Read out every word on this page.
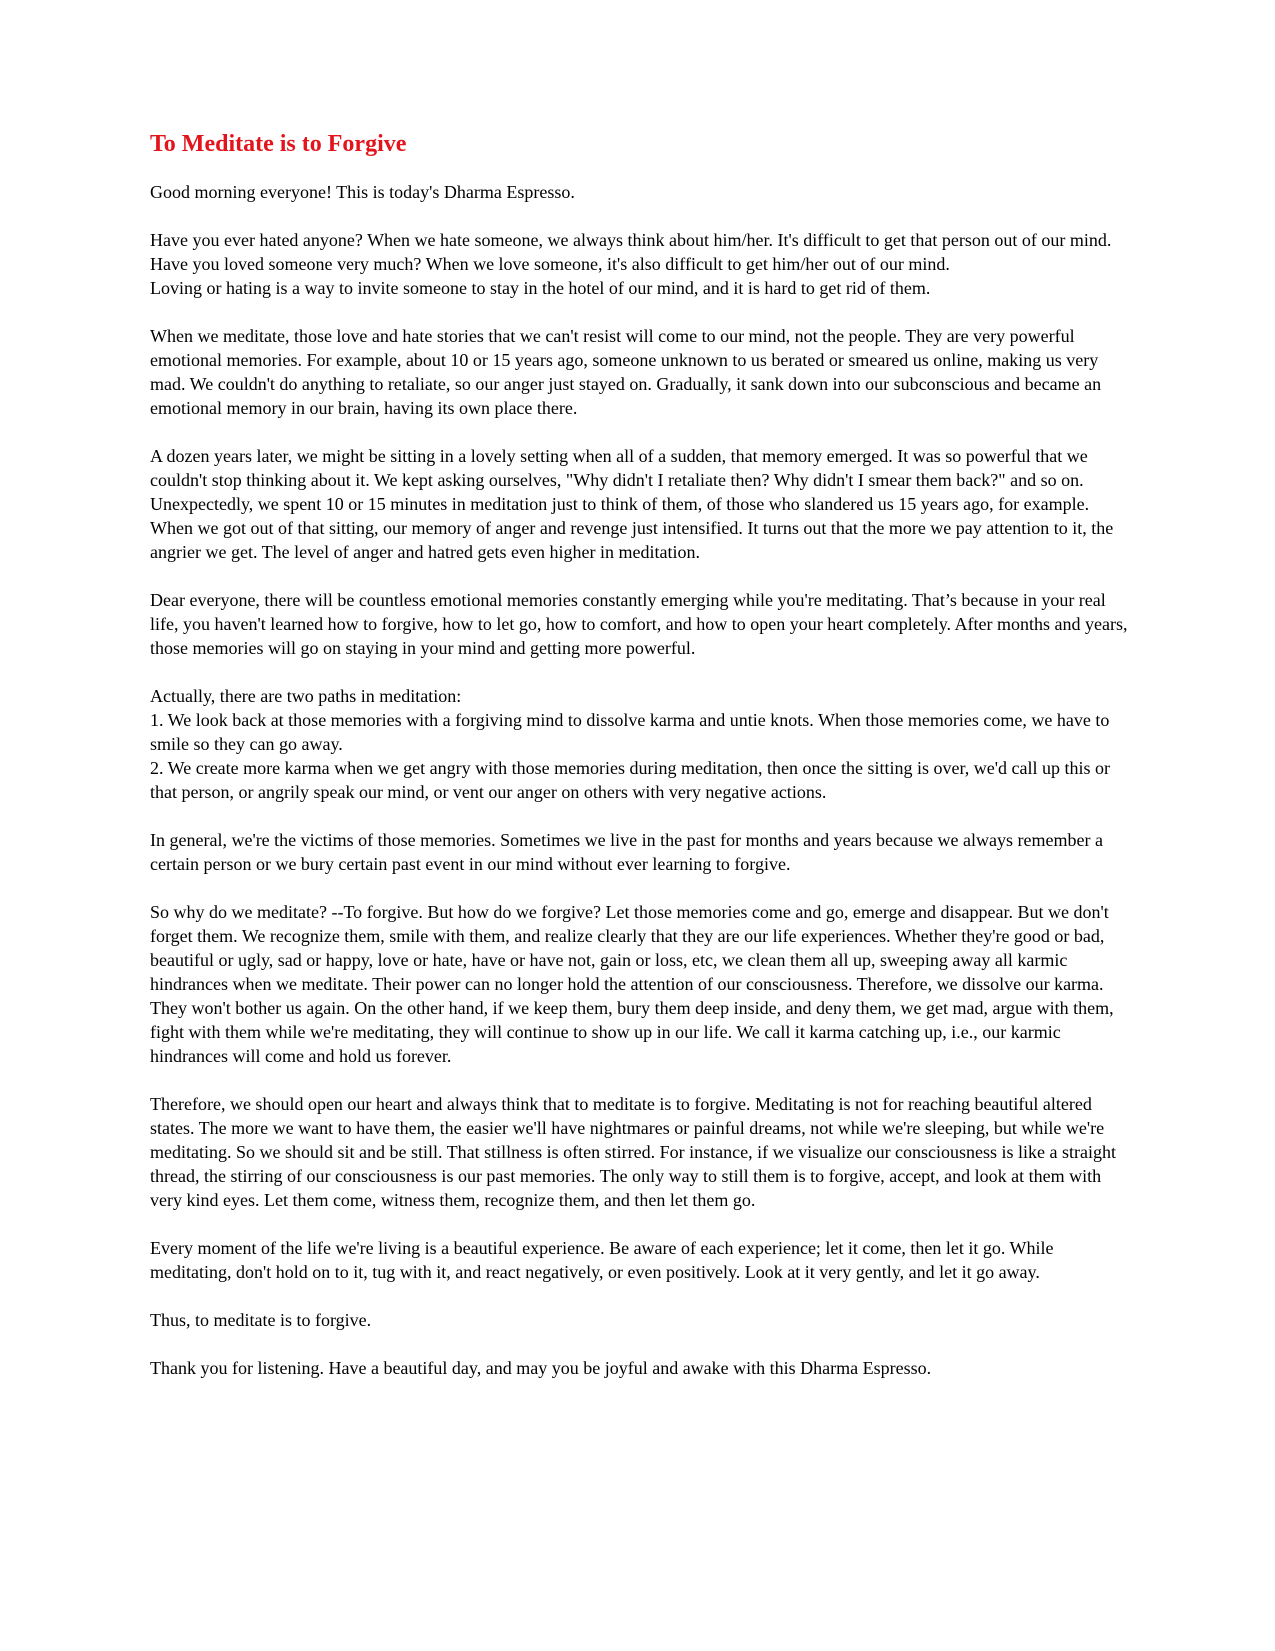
To Meditate is to Forgive

Good morning everyone! This is today's Dharma Espresso.

Have you ever hated anyone? When we hate someone, we always think about him/her. It's difficult to get that person out of our mind. Have you loved someone very much? When we love someone, it's also difficult to get him/her out of our mind.
Loving or hating is a way to invite someone to stay in the hotel of our mind, and it is hard to get rid of them.

When we meditate, those love and hate stories that we can't resist will come to our mind, not the people. They are very powerful emotional memories. For example, about 10 or 15 years ago, someone unknown to us berated or smeared us online, making us very mad. We couldn't do anything to retaliate, so our anger just stayed on. Gradually, it sank down into our subconscious and became an emotional memory in our brain, having its own place there.

A dozen years later, we might be sitting in a lovely setting when all of a sudden, that memory emerged. It was so powerful that we couldn't stop thinking about it. We kept asking ourselves, "Why didn't I retaliate then? Why didn't I smear them back?" and so on. Unexpectedly, we spent 10 or 15 minutes in meditation just to think of them, of those who slandered us 15 years ago, for example. When we got out of that sitting, our memory of anger and revenge just intensified. It turns out that the more we pay attention to it, the angrier we get. The level of anger and hatred gets even higher in meditation.

Dear everyone, there will be countless emotional memories constantly emerging while you're meditating. That’s because in your real life, you haven't learned how to forgive, how to let go, how to comfort, and how to open your heart completely. After months and years, those memories will go on staying in your mind and getting more powerful.

Actually, there are two paths in meditation:
1. We look back at those memories with a forgiving mind to dissolve karma and untie knots. When those memories come, we have to smile so they can go away.
2. We create more karma when we get angry with those memories during meditation, then once the sitting is over, we'd call up this or that person, or angrily speak our mind, or vent our anger on others with very negative actions.

In general, we're the victims of those memories. Sometimes we live in the past for months and years because we always remember a certain person or we bury certain past event in our mind without ever learning to forgive.

So why do we meditate? --To forgive. But how do we forgive? Let those memories come and go, emerge and disappear. But we don't forget them. We recognize them, smile with them, and realize clearly that they are our life experiences. Whether they're good or bad, beautiful or ugly, sad or happy, love or hate, have or have not, gain or loss, etc, we clean them all up, sweeping away all karmic hindrances when we meditate. Their power can no longer hold the attention of our consciousness. Therefore, we dissolve our karma. They won't bother us again. On the other hand, if we keep them, bury them deep inside, and deny them, we get mad, argue with them, fight with them while we're meditating, they will continue to show up in our life. We call it karma catching up, i.e., our karmic hindrances will come and hold us forever.

Therefore, we should open our heart and always think that to meditate is to forgive. Meditating is not for reaching beautiful altered states. The more we want to have them, the easier we'll have nightmares or painful dreams, not while we're sleeping, but while we're meditating. So we should sit and be still. That stillness is often stirred. For instance, if we visualize our consciousness is like a straight thread, the stirring of our consciousness is our past memories. The only way to still them is to forgive, accept, and look at them with very kind eyes. Let them come, witness them, recognize them, and then let them go.

Every moment of the life we're living is a beautiful experience. Be aware of each experience; let it come, then let it go. While meditating, don't hold on to it, tug with it, and react negatively, or even positively. Look at it very gently, and let it go away.

Thus, to meditate is to forgive.

Thank you for listening. Have a beautiful day, and may you be joyful and awake with this Dharma Espresso.
